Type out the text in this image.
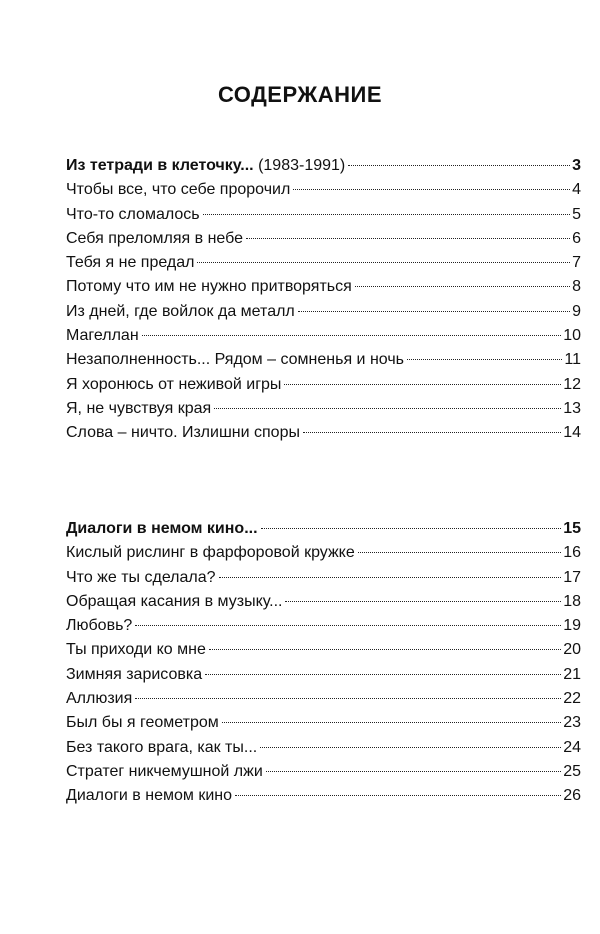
СОДЕРЖАНИЕ
Из тетради в клеточку... (1983-1991)	3
Чтобы все, что себе пророчил	4
Что-то сломалось	5
Себя преломляя в небе	6
Тебя я не предал	7
Потому что им не нужно притворяться	8
Из дней, где войлок да металл	9
Магеллан	10
Незаполненность... Рядом – сомненья и ночь	11
Я хоронюсь от неживой игры	12
Я, не чувствуя края	13
Слова – ничто. Излишни споры	14
Диалоги в немом кино...	15
Кислый рислинг в фарфоровой кружке	16
Что же ты сделала?	17
Обращая касания в музыку...	18
Любовь?	19
Ты приходи ко мне	20
Зимняя зарисовка	21
Аллюзия	22
Был бы я геометром	23
Без такого врага, как ты...	24
Стратег никчемушной лжи	25
Диалоги в немом кино	26
